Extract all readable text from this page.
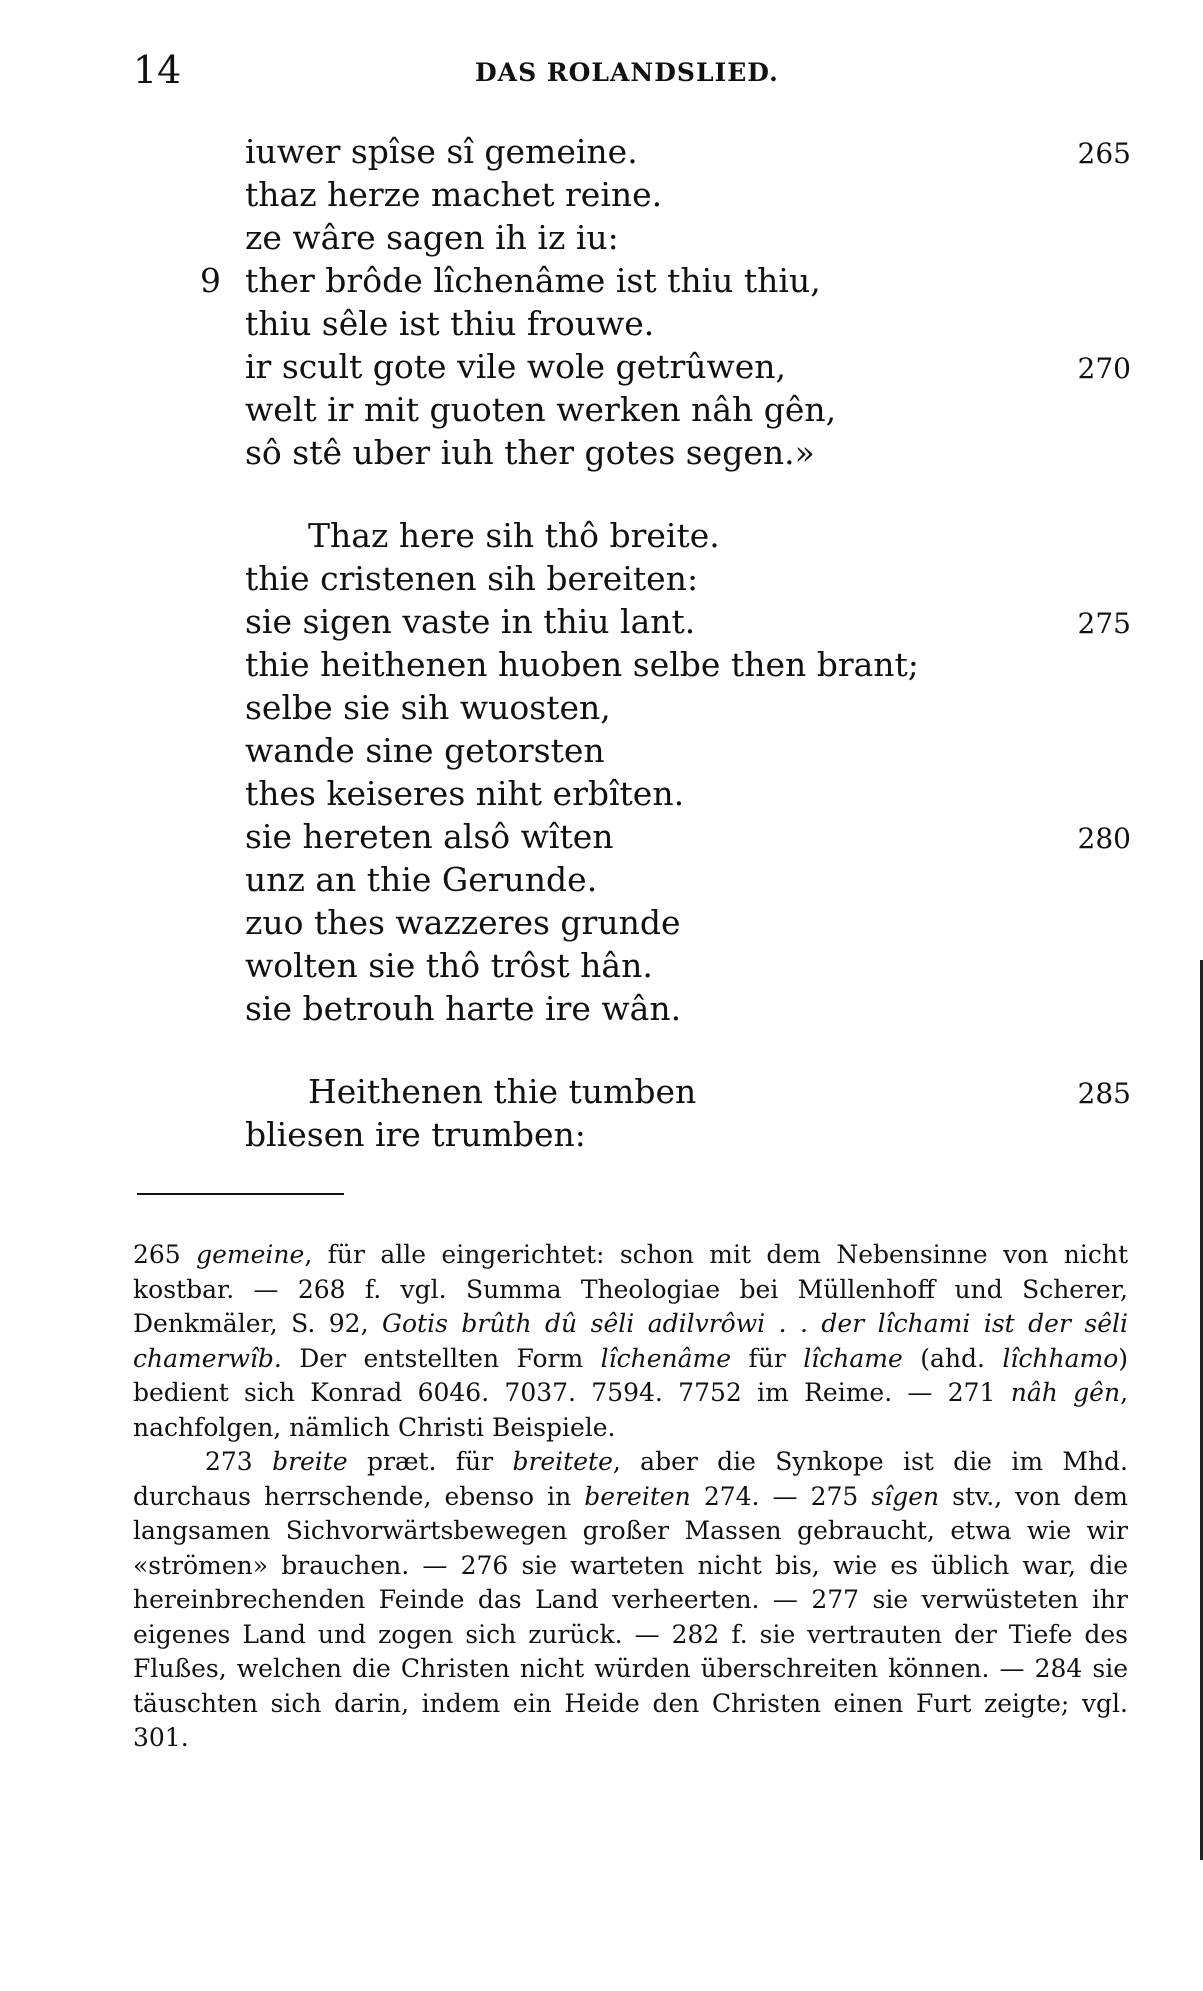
14	DAS ROLANDSLIED.
iuwer spîse sî gemeine.	265
thaz herze machet reine.
ze wâre sagen ih iz iu:
9 ther brôde lîchenâme ist thiu thiu,
thiu sêle ist thiu frouwe.
ir scult gote vile wole getrûwen,	270
welt ir mit guoten werken nâh gên,
sô stê uber iuh ther gotes segen.»
Thaz here sih thô breite.
thie cristenen sih bereiten:
sie sigen vaste in thiu lant.	275
thie heithenen huoben selbe then brant;
selbe sie sih wuosten,
wande sine getorsten
thes keiseres niht erbîten.
sie hereten alsô wîten	280
unz an thie Gerunde.
zuo thes wazzeres grunde
wolten sie thô trôst hân.
sie betrouh harte ire wân.
Heithenen thie tumben	285
bliesen ire trumben:

265 gemeine, für alle eingerichtet: schon mit dem Nebensinne von nicht kostbar. — 268 f. vgl. Summa Theologiae bei Müllenhoff und Scherer, Denkmäler, S. 92, Gotis brûth dû sêli adilvrôwi . . der lîchami ist der sêli chamerwîb. Der entstellten Form lîchenâme für lîchame (ahd. lîchhamo) bedient sich Konrad 6046. 7037. 7594. 7752 im Reime. — 271 nâh gên, nachfolgen, nämlich Christi Beispiele.

273 breite præt. für breitete, aber die Synkope ist die im Mhd. durchaus herrschende, ebenso in bereiten 274. — 275 sîgen stv., von dem langsamen Sichvorwärtsbewegen großer Massen gebraucht, etwa wie wir «strömen» brauchen. — 276 sie warteten nicht bis, wie es üblich war, die hereinbrechenden Feinde das Land verheerten. — 277 sie verwüsteten ihr eigenes Land und zogen sich zurück. — 282 f. sie vertrauten der Tiefe des Flußes, welchen die Christen nicht würden überschreiten können. — 284 sie täuschten sich darin, indem ein Heide den Christen einen Furt zeigte; vgl. 301.
